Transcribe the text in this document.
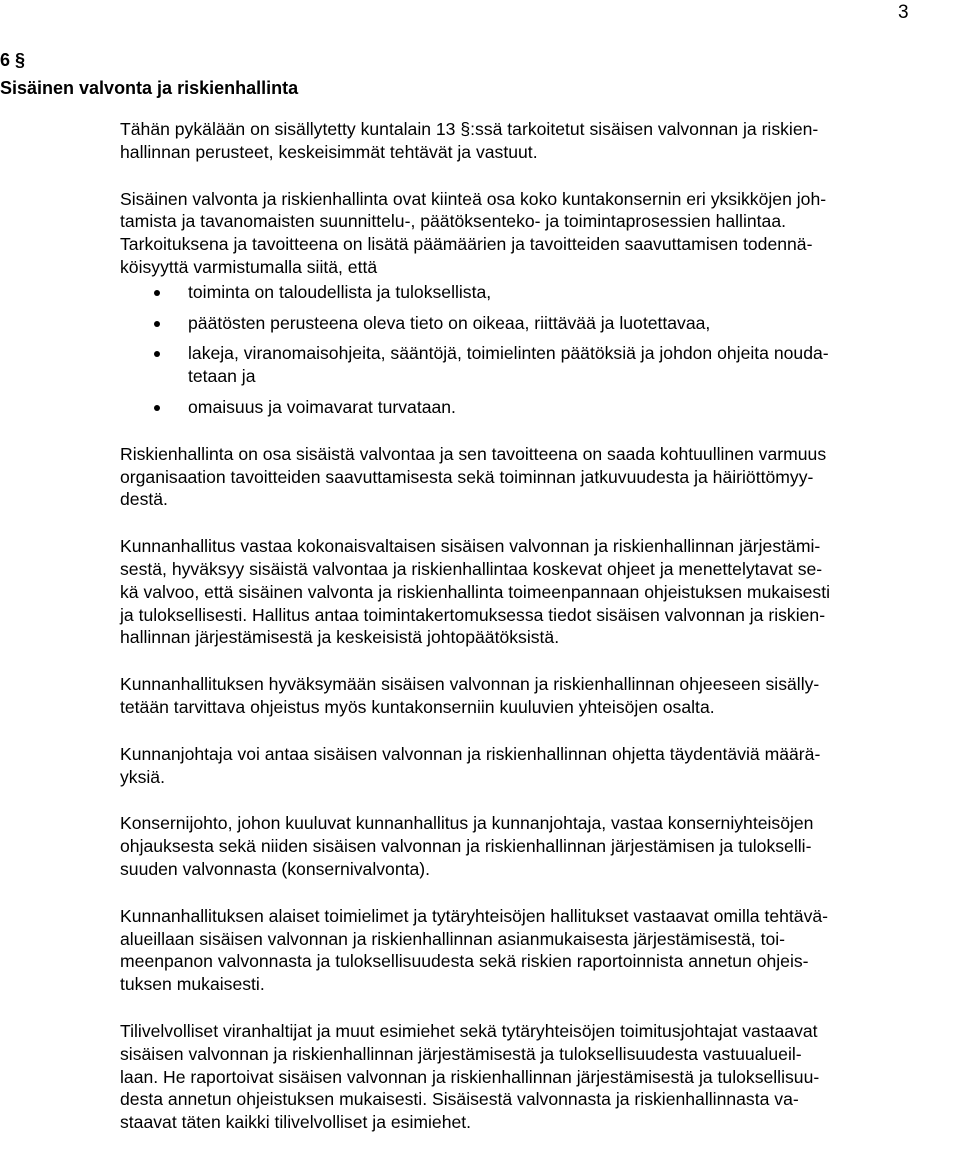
3
6 §
Sisäinen valvonta ja riskienhallinta

Tähän pykälään on sisällytetty kuntalain 13 §:ssä tarkoitetut sisäisen valvonnan ja riskien-
hallinnan perusteet, keskeisimmät tehtävät ja vastuut.

Sisäinen valvonta ja riskienhallinta ovat kiinteä osa koko kuntakonsernin eri yksikköjen joh-
tamista ja tavanomaisten suunnittelu-, päätöksenteko- ja toimintaprosessien hallintaa.

Tarkoituksena ja tavoitteena on lisätä päämäärien ja tavoitteiden saavuttamisen todennä-
köisyyttä varmistumalla siitä, että

toiminta on taloudellista ja tuloksellista,
päätösten perusteena oleva tieto on oikeaa, riittävää ja luotettavaa,
lakeja, viranomaisohjeita, sääntöjä, toimielinten päätöksiä ja johdon ohjeita nouda-
tetaan ja
omaisuus ja voimavarat turvataan.

Riskienhallinta on osa sisäistä valvontaa ja sen tavoitteena on saada kohtuullinen varmuus
organisaation tavoitteiden saavuttamisesta sekä toiminnan jatkuvuudesta ja häiriöttömyy-
destä.

Kunnanhallitus vastaa kokonaisvaltaisen sisäisen valvonnan ja riskienhallinnan järjestämi-
sestä, hyväksyy sisäistä valvontaa ja riskienhallintaa koskevat ohjeet ja menettelytavat se-
kä valvoo, että sisäinen valvonta ja riskienhallinta toimeenpannaan ohjeistuksen mukaisesti
ja tuloksellisesti. Hallitus antaa toimintakertomuksessa tiedot sisäisen valvonnan ja riskien-
hallinnan järjestämisestä ja keskeisistä johtopäätöksistä.

Kunnanhallituksen hyväksymään sisäisen valvonnan ja riskienhallinnan ohjeeseen sisälly-
tetään tarvittava ohjeistus myös kuntakonserniin kuuluvien yhteisöjen osalta.

Kunnanjohtaja voi antaa sisäisen valvonnan ja riskienhallinnan ohjetta täydentäviä määrä-
yksiä.

Konsernijohto, johon kuuluvat kunnanhallitus ja kunnanjohtaja, vastaa konserniyhteisöjen
ohjauksesta sekä niiden sisäisen valvonnan ja riskienhallinnan järjestämisen ja tulokselli-
suuden valvonnasta (konsernivalvonta).

Kunnanhallituksen alaiset toimielimet ja tytäryhteisöjen hallitukset vastaavat omilla tehtävä-
alueillaan sisäisen valvonnan ja riskienhallinnan asianmukaisesta järjestämisestä, toi-
meenpanon valvonnasta ja tuloksellisuudesta sekä riskien raportoinnista annetun ohjeis-
tuksen mukaisesti.

Tilivelvolliset viranhaltijat ja muut esimiehet sekä tytäryhteisöjen toimitusjohtajat vastaavat
sisäisen valvonnan ja riskienhallinnan järjestämisestä ja tuloksellisuudesta vastuualueil-
laan. He raportoivat sisäisen valvonnan ja riskienhallinnan järjestämisestä ja tuloksellisuu-
desta annetun ohjeistuksen mukaisesti. Sisäisestä valvonnasta ja riskienhallinnasta va-
staavat täten kaikki tilivelvolliset ja esimiehet.
